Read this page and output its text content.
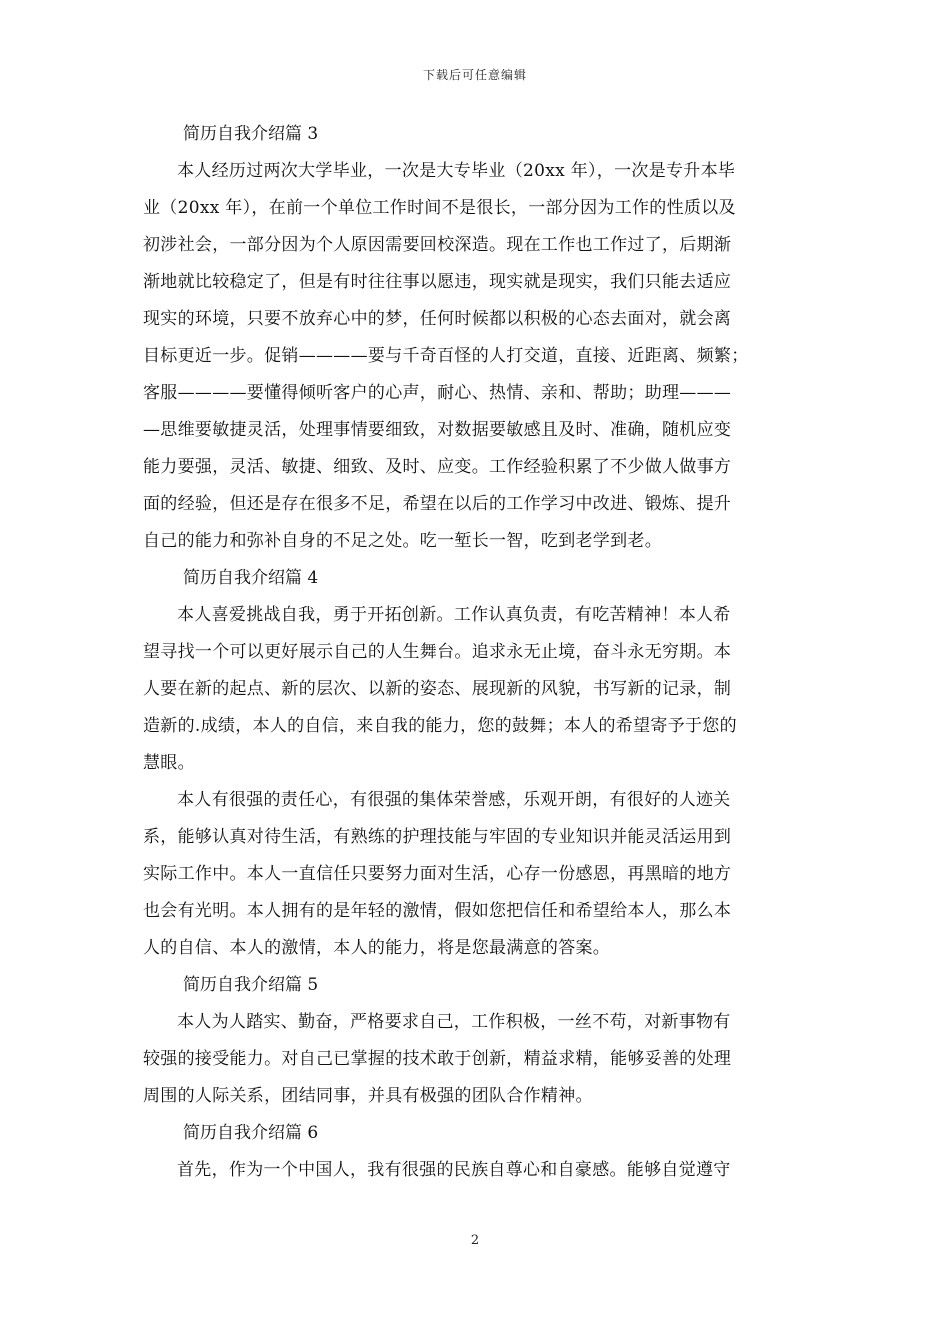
下载后可任意编辑
简历自我介绍篇 3

本人经历过两次大学毕业，一次是大专毕业（20xx 年），一次是专升本毕
业（20xx 年），在前一个单位工作时间不是很长，一部分因为工作的性质以及
初涉社会，一部分因为个人原因需要回校深造。现在工作也工作过了，后期渐
渐地就比较稳定了，但是有时往往事以愿违，现实就是现实，我们只能去适应
现实的环境，只要不放弃心中的梦，任何时候都以积极的心态去面对，就会离
目标更近一步。促销————要与千奇百怪的人打交道，直接、近距离、频繁；
客服————要懂得倾听客户的心声，耐心、热情、亲和、帮助；助理———
—思维要敏捷灵活，处理事情要细致，对数据要敏感且及时、准确，随机应变
能力要强，灵活、敏捷、细致、及时、应变。工作经验积累了不少做人做事方
面的经验，但还是存在很多不足，希望在以后的工作学习中改进、锻炼、提升
自己的能力和弥补自身的不足之处。吃一堑长一智，吃到老学到老。

简历自我介绍篇 4

本人喜爱挑战自我，勇于开拓创新。工作认真负责，有吃苦精神！本人希
望寻找一个可以更好展示自己的人生舞台。追求永无止境，奋斗永无穷期。本
人要在新的起点、新的层次、以新的姿态、展现新的风貌，书写新的记录，制
造新的.成绩，本人的自信，来自我的能力，您的鼓舞；本人的希望寄予于您的
慧眼。

本人有很强的责任心，有很强的集体荣誉感，乐观开朗，有很好的人迹关
系，能够认真对待生活，有熟练的护理技能与牢固的专业知识并能灵活运用到
实际工作中。本人一直信任只要努力面对生活，心存一份感恩，再黑暗的地方
也会有光明。本人拥有的是年轻的激情，假如您把信任和希望给本人，那么本
人的自信、本人的激情，本人的能力，将是您最满意的答案。

简历自我介绍篇 5

本人为人踏实、勤奋，严格要求自己，工作积极，一丝不苟，对新事物有
较强的接受能力。对自己已掌握的技术敢于创新，精益求精，能够妥善的处理
周围的人际关系，团结同事，并具有极强的团队合作精神。

简历自我介绍篇 6

首先，作为一个中国人，我有很强的民族自尊心和自豪感。能够自觉遵守

2
